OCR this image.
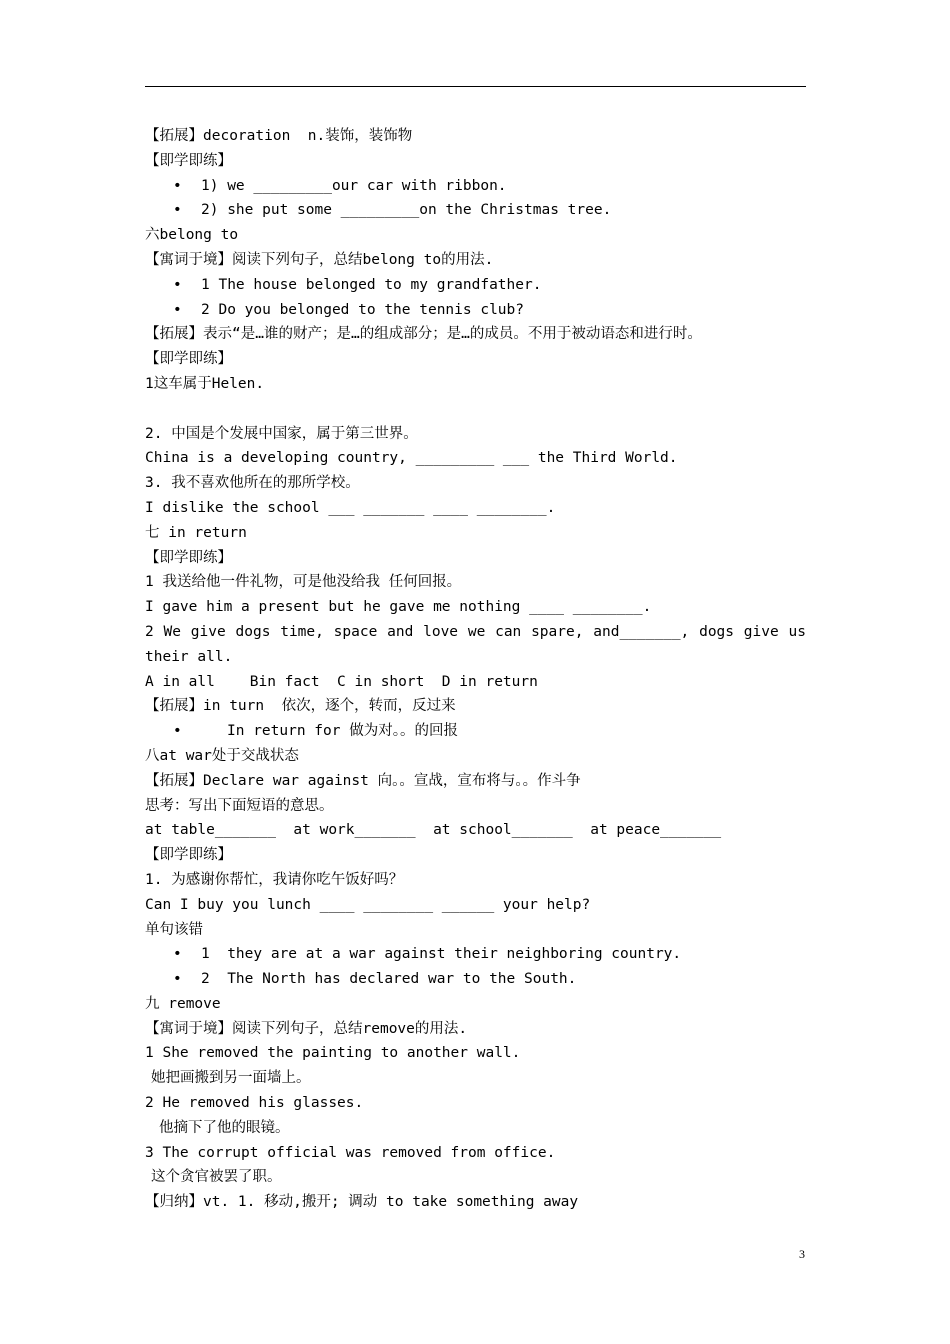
【拓展】decoration  n.装饰，装饰物
【即学即练】
• 1) we _________our car with ribbon.
• 2) she put some _________on the Christmas tree.
六belong to
【寓词于境】阅读下列句子，总结belong to的用法.
• 1 The house belonged to my grandfather.
• 2 Do you belonged to the tennis club?
【拓展】表示“是…谁的财产；是…的组成部分；是…的成员。不用于被动语态和进行时。
【即学即练】
1这车属于Helen.
2. 中国是个发展中国家，属于第三世界。
China is a developing country, _________ ___ the Third World.
3. 我不喜欢他所在的那所学校。
I dislike the school ___ _______ ____ ________.
七 in return
【即学即练】
1 我送给他一件礼物，可是他没给我 任何回报。
I gave him a present but he gave me nothing ____ ________.
2 We give dogs time, space and love we can spare, and_______, dogs give us
their all.
A in all    Bin fact  C in short  D in return
【拓展】in turn  依次，逐个，转而，反过来
•	In return for 做为对。。的回报
八at war处于交战状态
【拓展】Declare war against 向。。宣战，宣布将与。。作斗争
思考：写出下面短语的意思。
at table_______  at work_______  at school_______  at peace_______
【即学即练】
1. 为感谢你帮忙，我请你吃午饭好吗？
Can I buy you lunch ____ ________ ______ your help?
单句该错
• 1  they are at a war against their neighboring country.
• 2  The North has declared war to the South.
九 remove
【寓词于境】阅读下列句子，总结remove的用法.
1 She removed the painting to another wall.
她把画搬到另一面墙上。
2 He removed his glasses.
他摘下了他的眼镜。
3 The corrupt official was removed from office.
这个贪官被罢了职。
【归纳】vt. 1. 移动,搬开; 调动 to take something away
3
